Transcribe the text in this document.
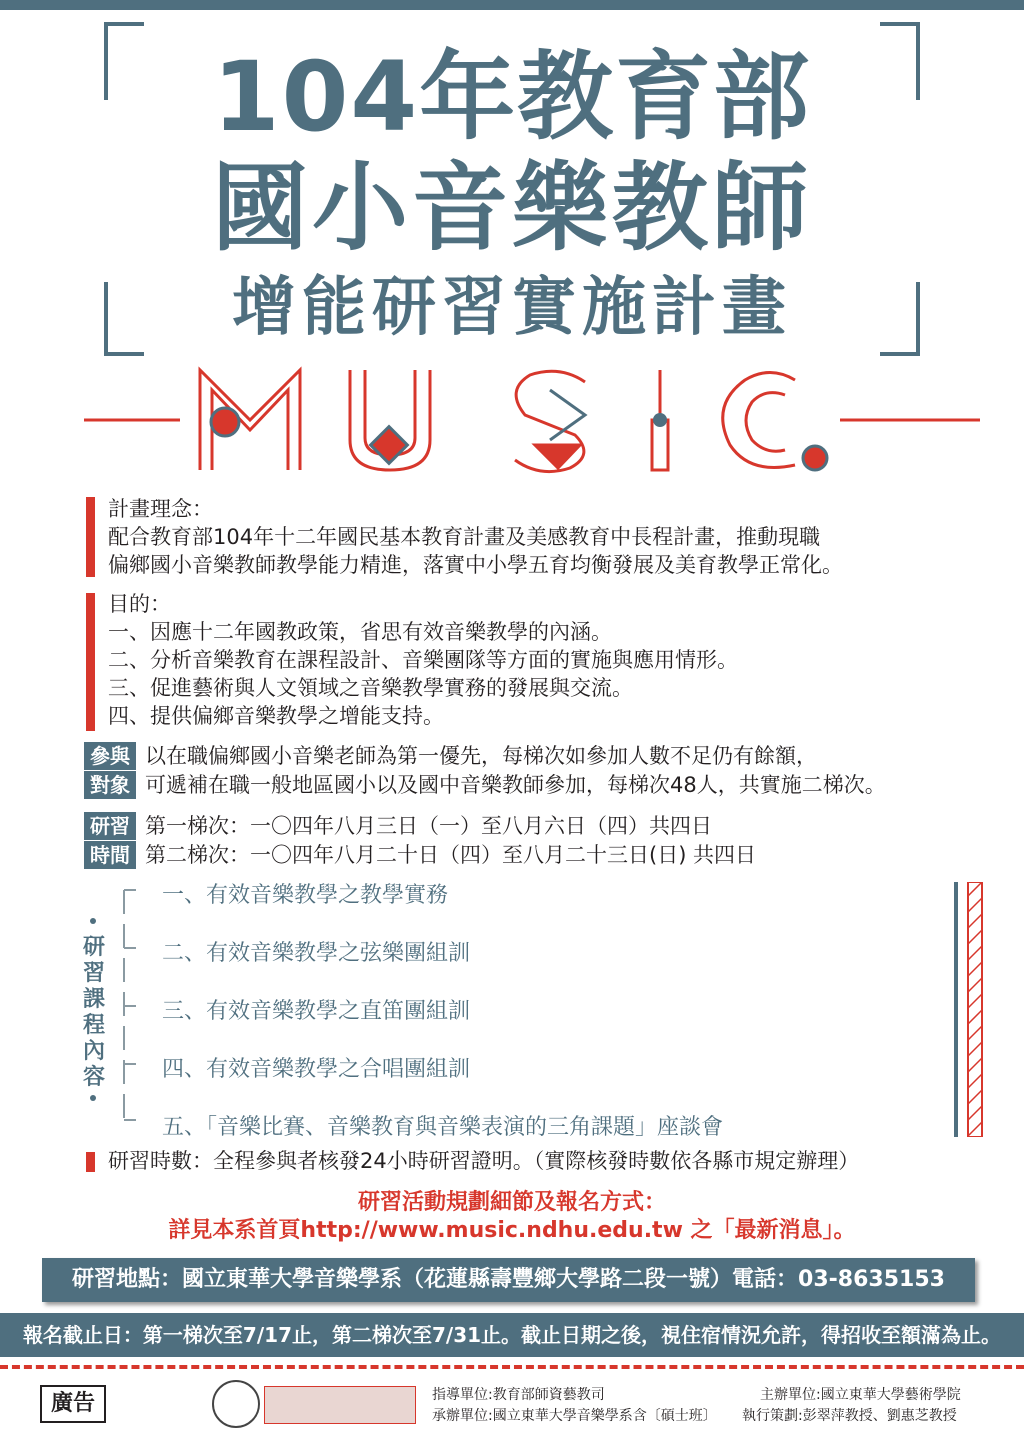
104年教育部
國小音樂教師
增能研習實施計畫
計畫理念：
配合教育部104年十二年國民基本教育計畫及美感教育中長程計畫，推動現職
偏鄉國小音樂教師教學能力精進，落實中小學五育均衡發展及美育教學正常化。
目的：
一、因應十二年國教政策，省思有效音樂教學的內涵。
二、分析音樂教育在課程設計、音樂團隊等方面的實施與應用情形。
三、促進藝術與人文領域之音樂教學實務的發展與交流。
四、提供偏鄉音樂教學之增能支持。
參與
對象
以在職偏鄉國小音樂老師為第一優先，每梯次如參加人數不足仍有餘額，
可遞補在職一般地區國小以及國中音樂教師參加，每梯次48人，共實施二梯次。
研習
時間
第一梯次：一〇四年八月三日（一）至八月六日（四）共四日
第二梯次：一〇四年八月二十日（四）至八月二十三日(日) 共四日
研習課程內容
一、有效音樂教學之教學實務
二、有效音樂教學之弦樂團組訓
三、有效音樂教學之直笛團組訓
四、有效音樂教學之合唱團組訓
五、「音樂比賽、音樂教育與音樂表演的三角課題」座談會
研習時數：全程參與者核發24小時研習證明。（實際核發時數依各縣市規定辦理）
研習活動規劃細節及報名方式：
詳見本系首頁http://www.music.ndhu.edu.tw 之「最新消息」。
研習地點：國立東華大學音樂學系（花蓮縣壽豐鄉大學路二段一號）電話：03-8635153
報名截止日：第一梯次至7/17止，第二梯次至7/31止。截止日期之後，視住宿情況允許，得招收至額滿為止。
廣告	指導單位:教育部師資藝教司	主辦單位:國立東華大學藝術學院
承辦單位:國立東華大學音樂學系含〔碩士班〕 執行策劃:彭翠萍教授、劉惠芝教授
